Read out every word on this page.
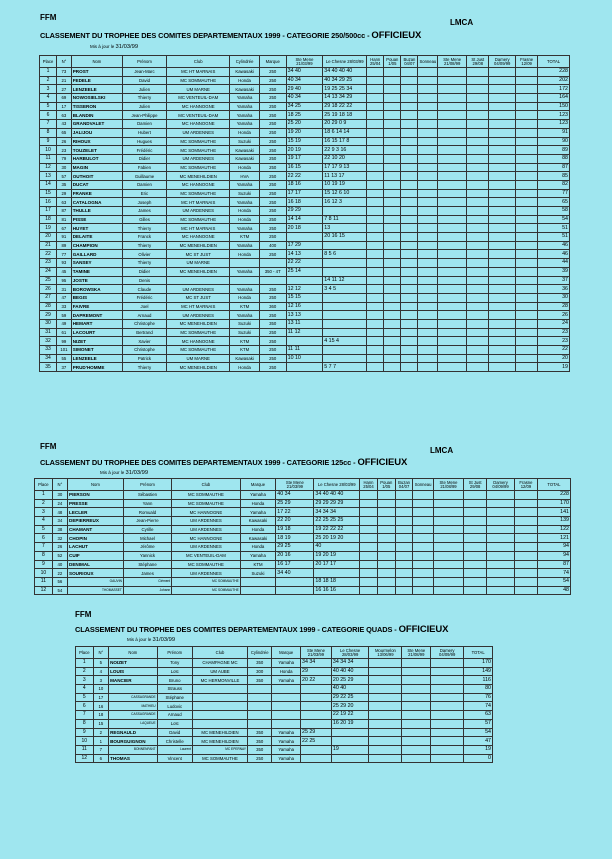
FFM
LMCA
CLASSEMENT DU TROPHEE DES COMITES DEPARTEMENTAUX 1999 - CATEGORIE 250/500cc - OFFICIEUX
Mis à jour le 31/03/99
Place	N°	Nom	Prénom	Club	Cylindrée	Marque	Ste Mene 21/03/99	Le Chesne 28/03/99	Hann 25/04	Pouan 1/05	Buzan 04/07	Sonneau	Ste Mene 21/08/99	St Just 29/08	Damery 04/09/99	Frasne 12/09	TOTAL
1	73	PROST	Jean-Marc	MC HT MARNAIS	Kawasaki	250	34 40	34 40 40 40									228
2	21	FEDELE	David	MC SOMMAUTHE	Honda	250	40 34	40 34 29 25									202
3	27	LENZEELE	Julien	UM MARNE	Kawasaki	250	29 40	19 25 25 34									172
4	69	NOWOSIELSKI	Thierry	MC VENTEUIL-DAM	Yamaha	250	40 34	14 13 34 29									164
5	17	TISSERON	Julien	MC HANNOGNE	Yamaha	250	34 25	29 18 22 22									150
6	63	BLANDIN	Jean-Philippe	MC VENTEUIL-DAM	Yamaha	250	18 25	25 19 18 18									123
7	43	GRANDVALET	Damien	MC HANNOGNE	Yamaha	250	25 20	20 29 0 9									123
8	65	JALIJOU	Hubert	UM ARDENNES	Honda	250	19 20	18 6 14 14									91
9	26	RIHOUX	Hugues	MC SOMMAUTHE	Suzuki	250	15 19	16 15 17 8									90
10	23	TOUZELET	Frédéric	MC SOMMAUTHE	Kawasaki	250	20 19	22 9 3 16									89
11	79	HARBULOT	Didier	UM ARDENNES	Kawasaki	250	19 17	22 10 20									88
12	30	MAGIN	Fabien	MC SOMMAUTHE	Honda	250	16 15	17 17 9 13									87
13	57	OUTHOIT	Guillaume	MC MENEHILDIEN	HVA	250	22 22	11 13 17									85
14	35	DUCAT	Damien	MC HANNOGNE	Yamaha	250	18 16	10 19 19									82
15	29	FRANKE	Eric	MC SOMMAUTHE	Suzuki	250	17 17	15 12 6 10									77
16	63	CATALOGNA	Joseph	MC HT MARNAIS	Yamaha	250	16 18	16 12 3									65
17	87	THULLE	James	UM ARDENNES	Honda	250	29 29										58
18	81	PISSE	Gilles	MC SOMMAUTHE	Honda	250	14 14	7 8 11									54
19	67	HUYET	Thierry	MC HT MARNAIS	Yamaha	250	20 18	13									51
20	91	DELAITE	Franck	MC HANNOGNE	KTM	250		20 16 15									51
21	89	CHAMPION	Thierry	MC MENEHILDIEN	Yamaha	400	17 29										46
22	77	GAILLARD	Olivier	MC ST JUST	Honda	250	14 13	8 5 6									46
23	93	SANSEY	Thierry	UM MARNE			22 22										44
24	45	TAMINE	Didier	MC MENEHILDIEN	Yamaha	350 - 4T	25 14										39
25	95	JOSTE	Denis					14 11 12									37
26	31	BOROWSKA	Claude	UM ARDENNES	Yamaha	250	12 12	3 4 5									36
27	47	BEGIS	Frédéric	MC ST JUST	Honda	250	15 15										30
28	33	FAIVRE	Joel	MC HT MARNAIS	KTM	360	12 16										28
29	59	DAPREMONT	Arnaud	UM ARDENNES	Yamaha	250	13 13										26
30	49	HEMART	Christophe	MC MENEHILDIEN	Suzuki	350	13 11										24
31	61	LACOURT	Bertrand	MC SOMMAUTHE	Suzuki	250	11 12										23
32	99	NIZET	Xavier	MC HANNOGNE	KTM	250		4 15 4									23
33	101	SIMONET	Christophe	MC SOMMAUTHE	KTM	250	11 11										22
34	55	LENZEELE	Patrick	UM MARNE	Kawasaki	250	10 10										20
35	37	PRUD'HOMME	Thierry	MC MENEHILDIEN	Honda	250		5 7 7									19
FFM	LMCA
CLASSEMENT DU TROPHEE DES COMITES DEPARTEMENTAUX 1999 - CATEGORIE 125cc - OFFICIEUX
Mis à jour le 31/03/99
Place	N°	Nom	Prénom	Club	Marque	Ste Mene 21/03/99	Le Chesne 28/03/99	Hann 25/04	Pouan 1/05	Buzan 04/07	Sonneau	Ste Mene 21/08/99	St Just 29/08	Damery 04/09/99	Frasne 12/09	TOTAL
1	30	PIERSON	Sébastien	MC SOMMAUTHE	Yamaha	40 34	34 40 40 40									228
2	24	PRESSE	Yann	MC SOMMAUTHE	Honda	25 29	29 29 29 29									170
3	48	LECLER	Romuald	MC HANNOGNE	Yamaha	17 22	34 34 34									141
4	34	DEPIERREUX	Jean-Pierre	UM ARDENNES	Kawasaki	22 20	22 25 25 25									139
5	38	CHAMANT	Cyrille	UM ARDENNES	Honda	19 18	19 22 22 22									122
6	32	CHOPIN	Michael	MC HANNOGNE	Kawasaki	18 19	25 20 19 20									121
7	26	LACHUT	Jérôme	UM ARDENNES	Honda	29 25	40									94
8	52	CUIF	Yannick	MC VENTEUIL-DAM	Yamaha	20 16	19 20 19									94
9	40	DENIMAL	Stéphane	MC SOMMAUTHE	KTM	16 17	20 17 17									87
10	22	SOURIOUX	James	UM ARDENNES	Suzuki	34 40										74
11	56	GAUVIN	Clément	MC SOMMAUTHE			18 18 18									54
12	54	THOMASSET	Johann	MC SOMMAUTHE			16 16 16									48
FFM
CLASSEMENT DU TROPHEE DES COMITES DEPARTEMENTAUX 1999 - CATEGORIE QUADS - OFFICIEUX
Mis à jour le 31/03/99
Place	N°	Nom	Prénom	Club	Cylindrée	Marque	Ste Mene 21/03/99	Le Chesne 28/03/99	Mourmelon 13/06/99	Ste Mene 21/08/99	Damery 04/09/99	TOTAL
1	5	NOIZET	Tony	CHAMPAGNE MC	350	Yamaha	34 34	34 34 34				170
2	4	LOUIS	Loïc	UM AUBE	300	Honda	29	40 40 40				149
3	3	MANCIER	Bruno	MC HERMONVILLE	350	Yamaha	20 22	20 25 29				116
4	10		Strauss					40 40				80
5	17	CASSAGRANDE	Stéphane					29 22 25				76
6	16	MATHIEU	Ludovic					25 29 20				74
7	18	CASSAGRANDE	Arnaud					22 19 22				63
8	15	LAQUEUE	Loïc					16 20 19				57
9	2	REGNAULD	David	MC MENEHILDIEN	350	Yamaha	25 29					54
10	1	BOURGUIGNON	Christelle	MC MENEHILDIEN	350	Yamaha	22 25					47
11	7	BONNENFANT	Laurent	MC EPERNAY	350	Yamaha		19				19
12	6	THOMAS	Vincent	MC SOMMAUTHE	250	Yamaha						0
